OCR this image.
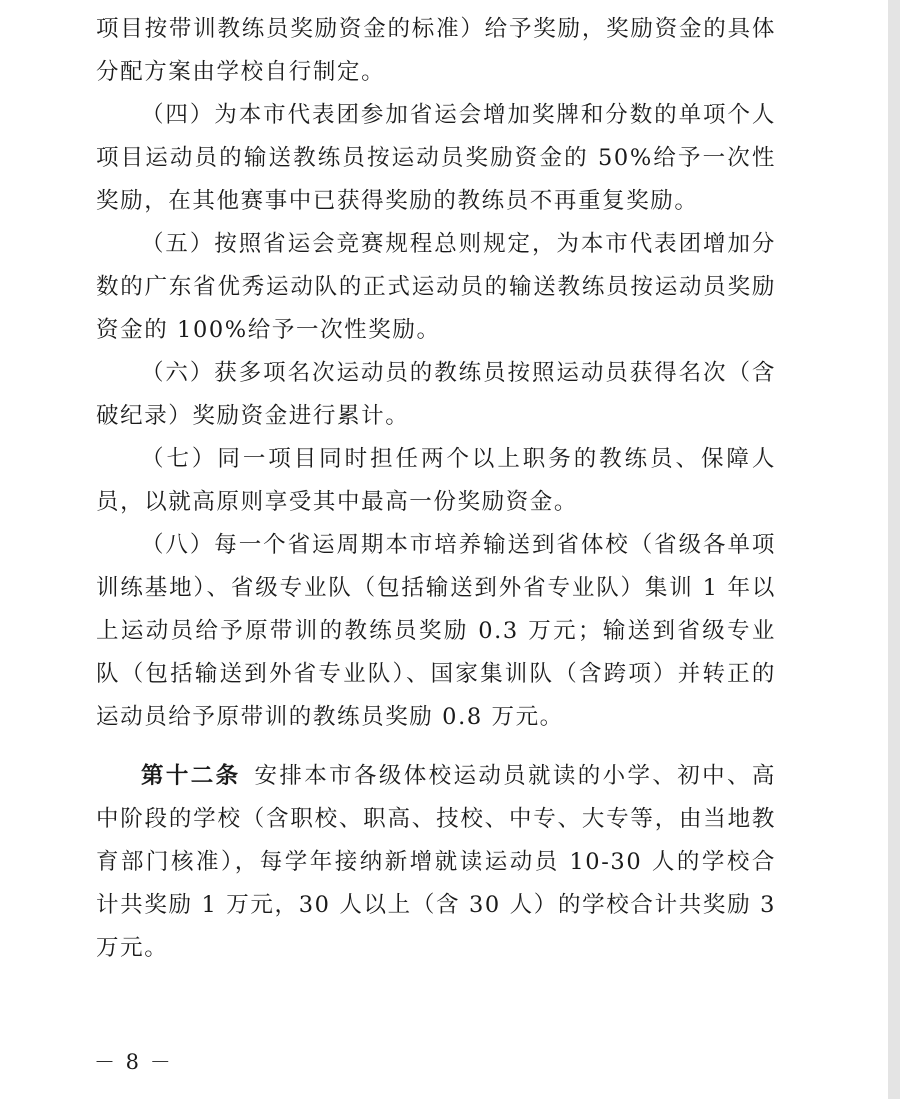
项目按带训教练员奖励资金的标准）给予奖励，奖励资金的具体分配方案由学校自行制定。

（四）为本市代表团参加省运会增加奖牌和分数的单项个人项目运动员的输送教练员按运动员奖励资金的 50%给予一次性奖励，在其他赛事中已获得奖励的教练员不再重复奖励。

（五）按照省运会竞赛规程总则规定，为本市代表团增加分数的广东省优秀运动队的正式运动员的输送教练员按运动员奖励资金的 100%给予一次性奖励。

（六）获多项名次运动员的教练员按照运动员获得名次（含破纪录）奖励资金进行累计。

（七）同一项目同时担任两个以上职务的教练员、保障人员，以就高原则享受其中最高一份奖励资金。

（八）每一个省运周期本市培养输送到省体校（省级各单项训练基地）、省级专业队（包括输送到外省专业队）集训 1 年以上运动员给予原带训的教练员奖励 0.3 万元；输送到省级专业队（包括输送到外省专业队）、国家集训队（含跨项）并转正的运动员给予原带训的教练员奖励 0.8 万元。

第十二条 安排本市各级体校运动员就读的小学、初中、高中阶段的学校（含职校、职高、技校、中专、大专等，由当地教育部门核准），每学年接纳新增就读运动员 10-30 人的学校合计共奖励 1 万元，30 人以上（含 30 人）的学校合计共奖励 3 万元。

－ 8 －
